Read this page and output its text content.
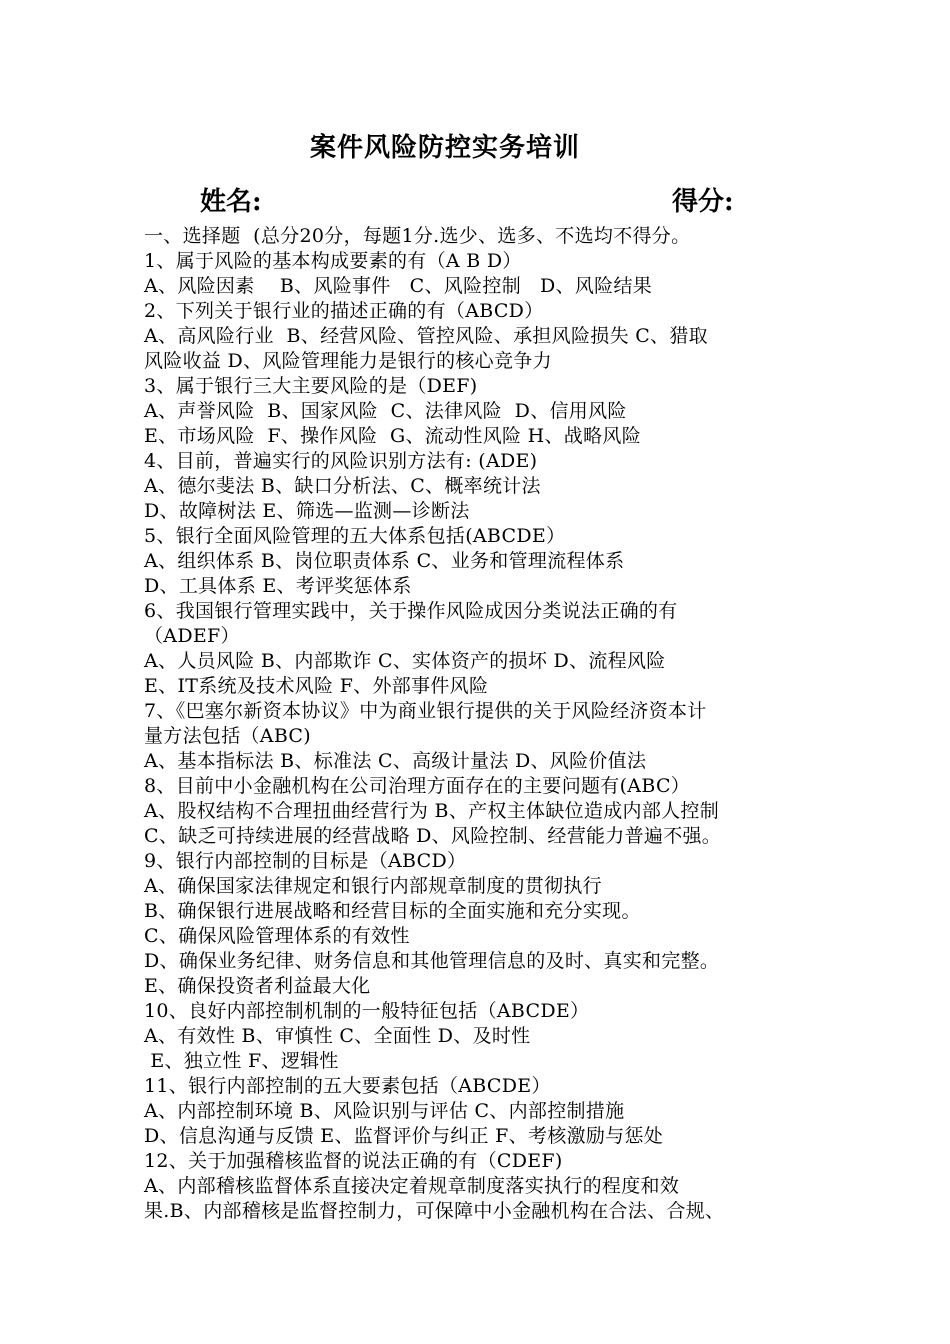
案件风险防控实务培训
姓名:	得分:
一、选择题  (总分20分，每题1分.选少、选多、不选均不得分。
1、属于风险的基本构成要素的有（A B D）
A、风险因素    B、风险事件   C、风险控制   D、风险结果
2、下列关于银行业的描述正确的有（ABCD）
A、高风险行业  B、经营风险、管控风险、承担风险损失 C、猎取
风险收益 D、风险管理能力是银行的核心竞争力
3、属于银行三大主要风险的是（DEF)
A、声誉风险  B、国家风险  C、法律风险  D、信用风险
E、市场风险  F、操作风险  G、流动性风险 H、战略风险
4、目前，普遍实行的风险识别方法有: (ADE)
A、德尔斐法 B、缺口分析法、C、概率统计法
D、故障树法 E、筛选—监测—诊断法
5、银行全面风险管理的五大体系包括(ABCDE）
A、组织体系 B、岗位职责体系 C、业务和管理流程体系
D、工具体系 E、考评奖惩体系
6、我国银行管理实践中，关于操作风险成因分类说法正确的有
（ADEF）
A、人员风险 B、内部欺诈 C、实体资产的损坏 D、流程风险
E、IT系统及技术风险 F、外部事件风险
7、《巴塞尔新资本协议》中为商业银行提供的关于风险经济资本计
量方法包括（ABC)
A、基本指标法 B、标准法 C、高级计量法 D、风险价值法
8、目前中小金融机构在公司治理方面存在的主要问题有(ABC）
A、股权结构不合理扭曲经营行为 B、产权主体缺位造成内部人控制
C、缺乏可持续进展的经营战略 D、风险控制、经营能力普遍不强。
9、银行内部控制的目标是（ABCD）
A、确保国家法律规定和银行内部规章制度的贯彻执行
B、确保银行进展战略和经营目标的全面实施和充分实现。
C、确保风险管理体系的有效性
D、确保业务纪律、财务信息和其他管理信息的及时、真实和完整。
E、确保投资者利益最大化
10、良好内部控制机制的一般特征包括（ABCDE）
A、有效性 B、审慎性 C、全面性 D、及时性
E、独立性 F、逻辑性
11、银行内部控制的五大要素包括（ABCDE）
A、内部控制环境 B、风险识别与评估 C、内部控制措施
D、信息沟通与反馈 E、监督评价与纠正 F、考核激励与惩处
12、关于加强稽核监督的说法正确的有（CDEF)
A、内部稽核监督体系直接决定着规章制度落实执行的程度和效
果.B、内部稽核是监督控制力，可保障中小金融机构在合法、合规、
